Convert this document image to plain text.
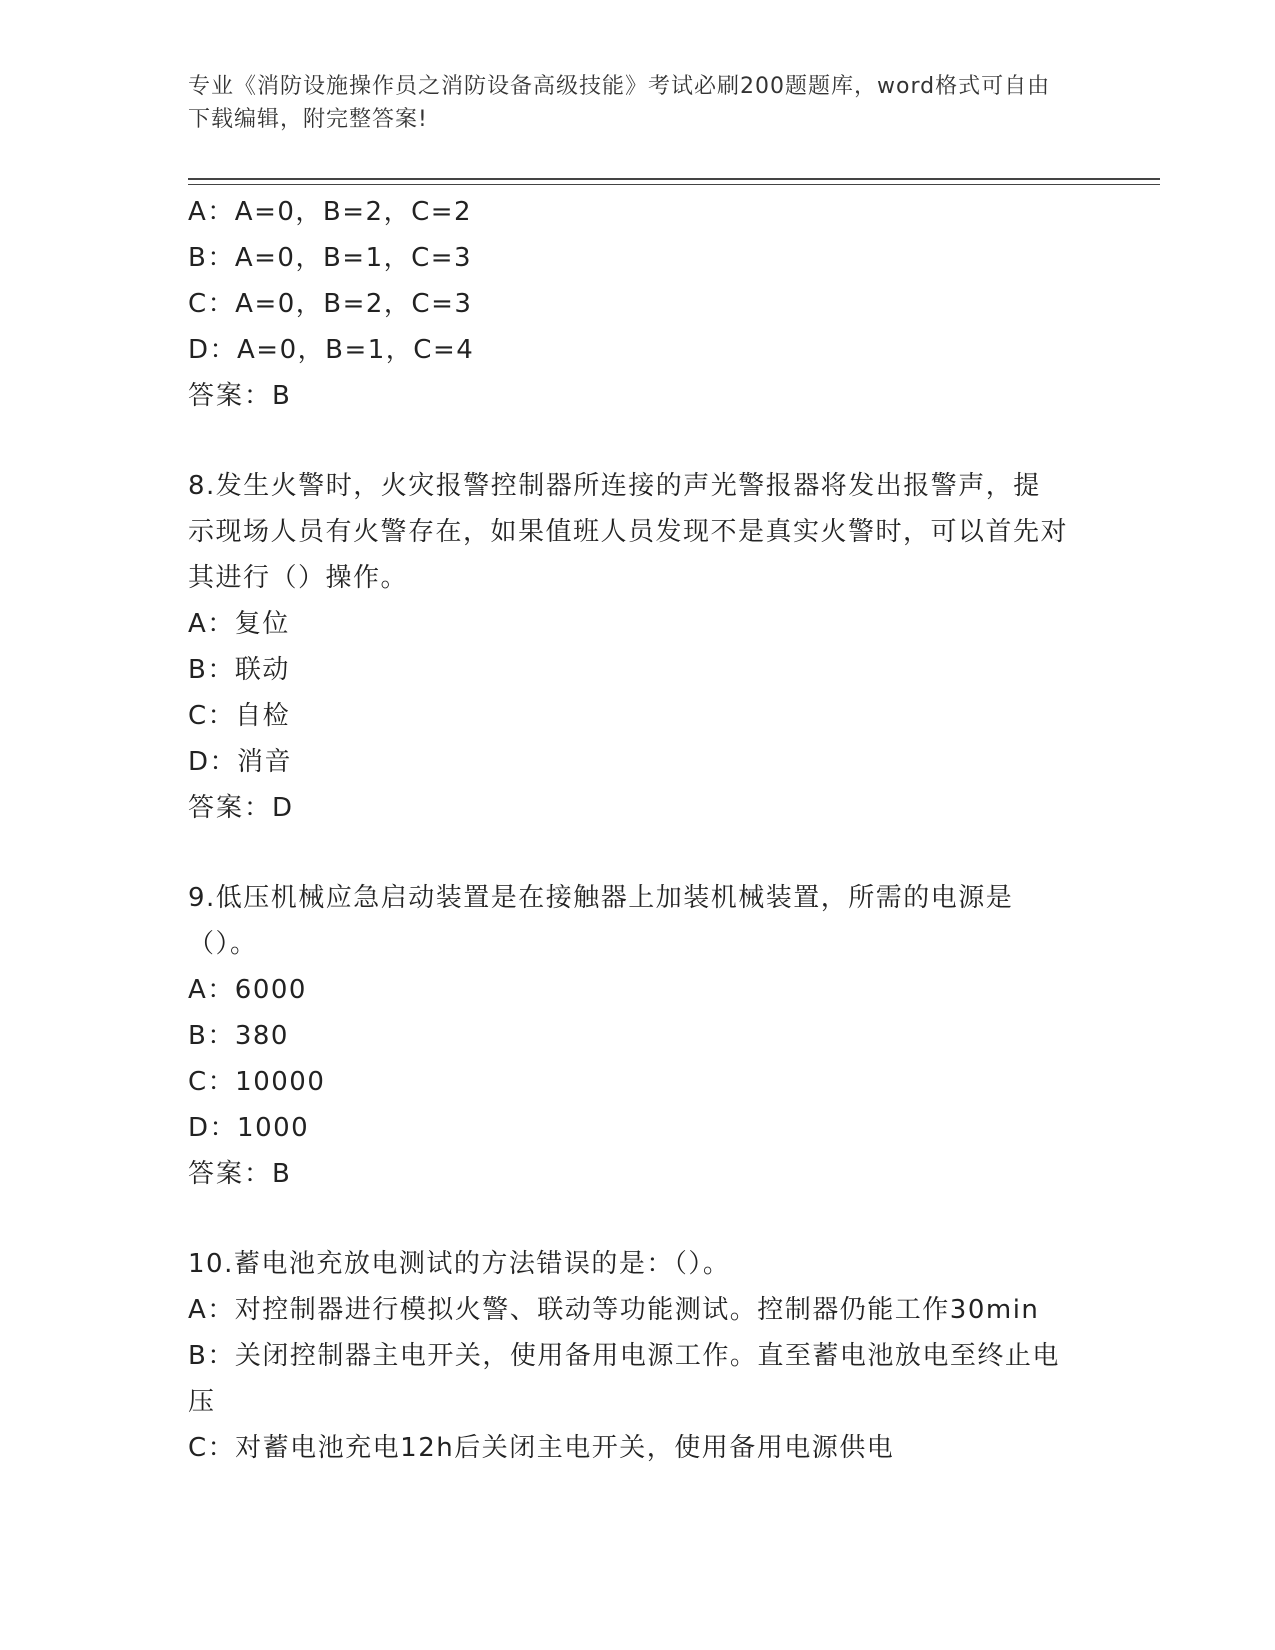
专业《消防设施操作员之消防设备高级技能》考试必刷200题题库，word格式可自由下载编辑，附完整答案!
A：A=0，B=2，C=2
B：A=0，B=1，C=3
C：A=0，B=2，C=3
D：A=0，B=1，C=4
答案：B
8.发生火警时，火灾报警控制器所连接的声光警报器将发出报警声，提示现场人员有火警存在，如果值班人员发现不是真实火警时，可以首先对其进行（）操作。
A：复位
B：联动
C：自检
D：消音
答案：D
9.低压机械应急启动装置是在接触器上加装机械装置，所需的电源是（）。
A：6000
B：380
C：10000
D：1000
答案：B
10.蓄电池充放电测试的方法错误的是：（）。
A：对控制器进行模拟火警、联动等功能测试。控制器仍能工作30min
B：关闭控制器主电开关，使用备用电源工作。直至蓄电池放电至终止电压
C：对蓄电池充电12h后关闭主电开关，使用备用电源供电
